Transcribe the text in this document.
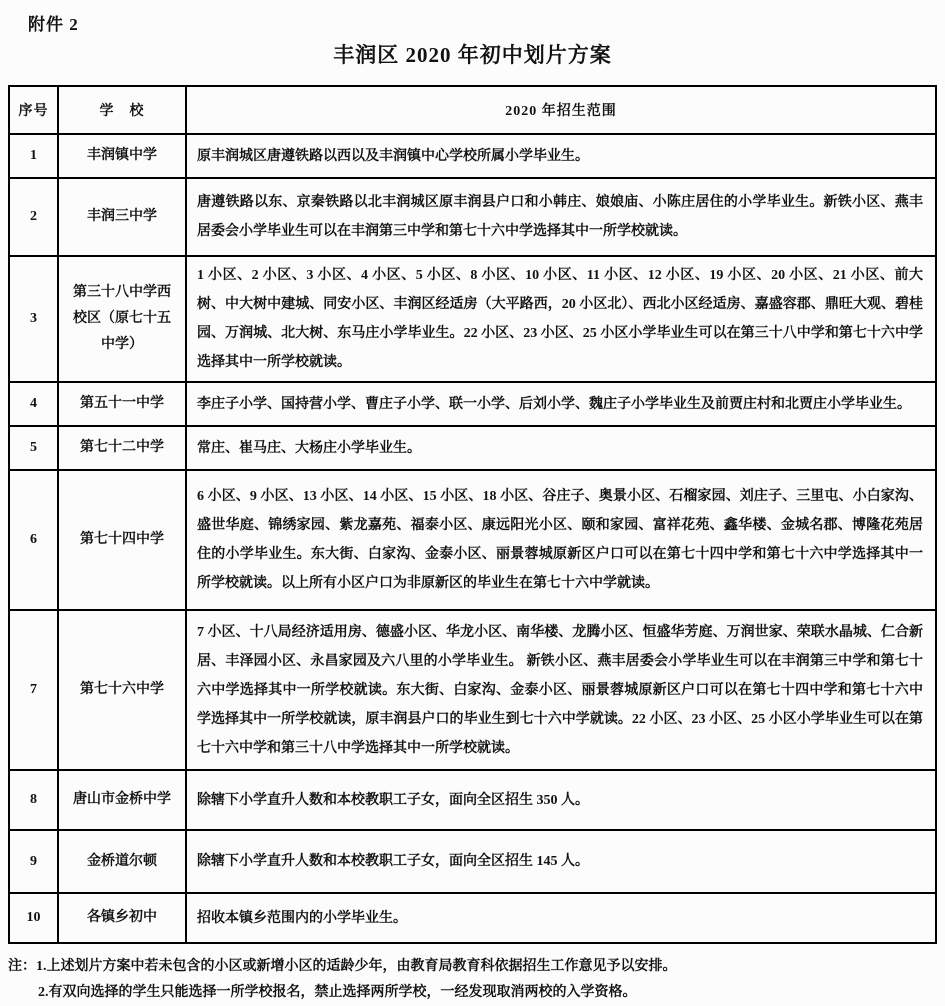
附件 2
丰润区 2020 年初中划片方案
序号	学　校	2020 年招生范围
1	丰润镇中学	原丰润城区唐遵铁路以西以及丰润镇中心学校所属小学毕业生。
2	丰润三中学	唐遵铁路以东、京秦铁路以北丰润城区原丰润县户口和小韩庄、娘娘庙、小陈庄居住的小学毕业生。新铁小区、燕丰居委会小学毕业生可以在丰润第三中学和第七十六中学选择其中一所学校就读。
3	第三十八中学西校区（原七十五中学）	1 小区、2 小区、3 小区、4 小区、5 小区、8 小区、10 小区、11 小区、12 小区、19 小区、20 小区、21 小区、前大树、中大树中建城、同安小区、丰润区经适房（大平路西，20 小区北）、西北小区经适房、嘉盛容郡、鼎旺大观、碧桂园、万润城、北大树、东马庄小学毕业生。22 小区、23 小区、25 小区小学毕业生可以在第三十八中学和第七十六中学选择其中一所学校就读。
4	第五十一中学	李庄子小学、国持营小学、曹庄子小学、联一小学、后刘小学、魏庄子小学毕业生及前贾庄村和北贾庄小学毕业生。
5	第七十二中学	常庄、崔马庄、大杨庄小学毕业生。
6	第七十四中学	6 小区、9 小区、13 小区、14 小区、15 小区、18 小区、谷庄子、奥景小区、石榴家园、刘庄子、三里屯、小白家沟、盛世华庭、锦绣家园、紫龙嘉苑、福泰小区、康远阳光小区、颐和家园、富祥花苑、鑫华楼、金城名郡、博隆花苑居住的小学毕业生。东大街、白家沟、金泰小区、丽景蓉城原新区户口可以在第七十四中学和第七十六中学选择其中一所学校就读。以上所有小区户口为非原新区的毕业生在第七十六中学就读。
7	第七十六中学	7 小区、十八局经济适用房、德盛小区、华龙小区、南华楼、龙腾小区、恒盛华芳庭、万润世家、荣联水晶城、仁合新居、丰泽园小区、永昌家园及六八里的小学毕业生。 新铁小区、燕丰居委会小学毕业生可以在丰润第三中学和第七十六中学选择其中一所学校就读。东大街、白家沟、金泰小区、丽景蓉城原新区户口可以在第七十四中学和第七十六中学选择其中一所学校就读，原丰润县户口的毕业生到七十六中学就读。22 小区、23 小区、25 小区小学毕业生可以在第七十六中学和第三十八中学选择其中一所学校就读。
8	唐山市金桥中学	除辖下小学直升人数和本校教职工子女，面向全区招生 350 人。
9	金桥道尔顿	除辖下小学直升人数和本校教职工子女，面向全区招生 145 人。
10	各镇乡初中	招收本镇乡范围内的小学毕业生。
注：1.上述划片方案中若未包含的小区或新增小区的适龄少年，由教育局教育科依据招生工作意见予以安排。
2.有双向选择的学生只能选择一所学校报名，禁止选择两所学校，一经发现取消两校的入学资格。
